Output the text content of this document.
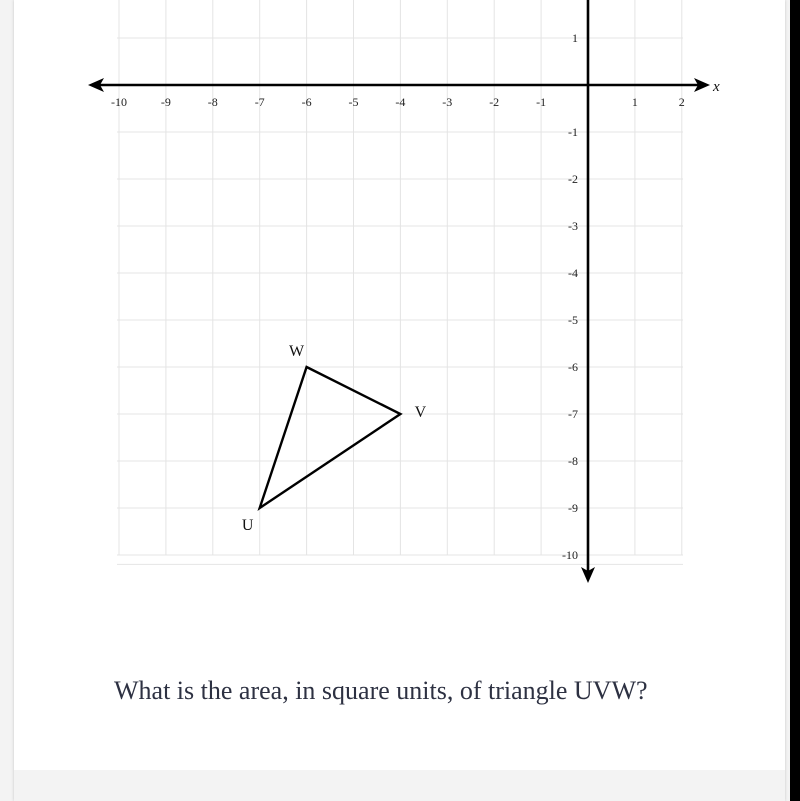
-10	-9	-8	-7	-6	-5	-4	-3	-2	-1	1	2
1
-1
-2
-3
-4
-5
-6
-7
-8
-9
-10
x
U
V
W

What is the area, in square units, of triangle UVW?
